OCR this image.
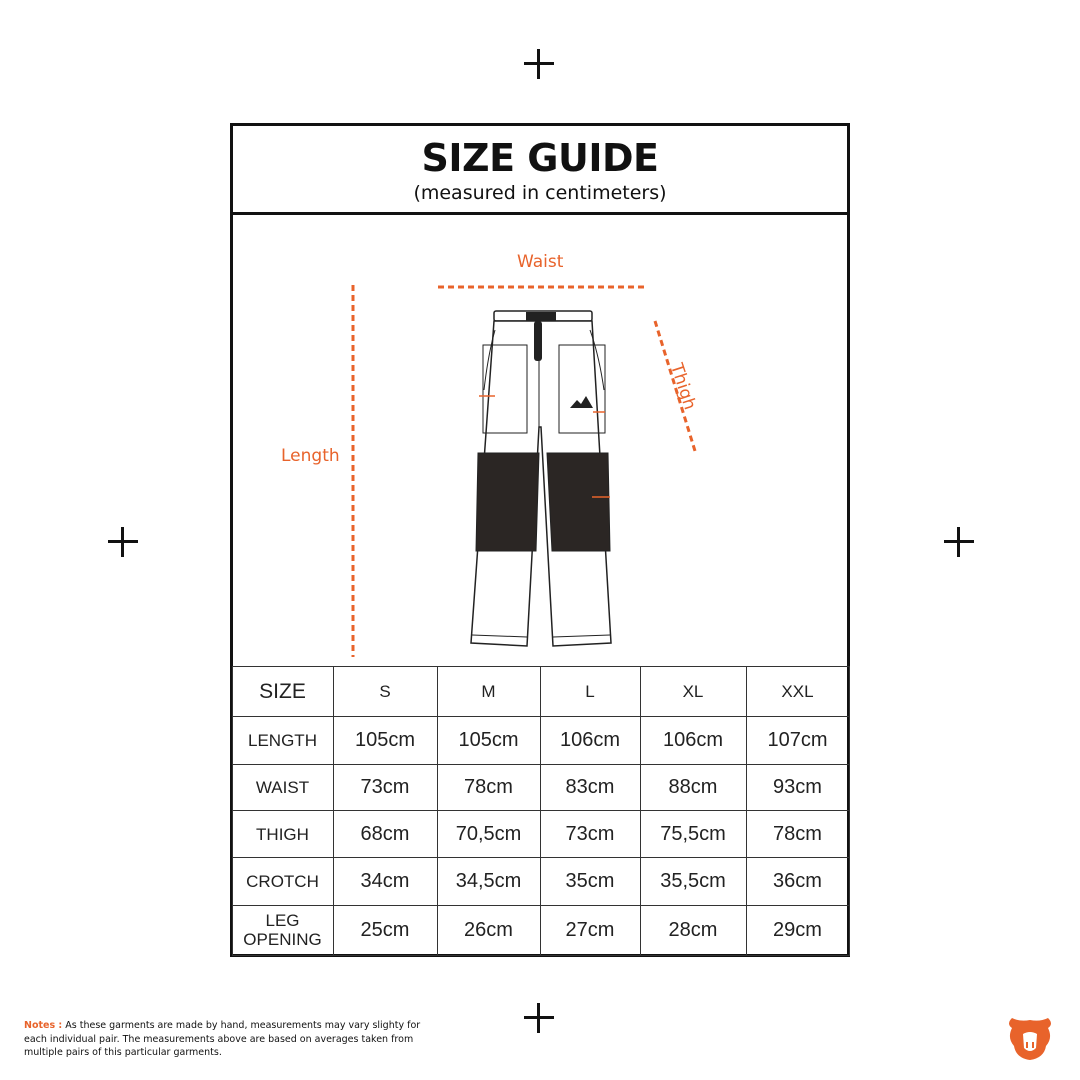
SIZE GUIDE
(measured in centimeters)
Waist
Length
Thigh
SIZE	S	M	L	XL	XXL
LENGTH	105cm	105cm	106cm	106cm	107cm
WAIST	73cm	78cm	83cm	88cm	93cm
THIGH	68cm	70,5cm	73cm	75,5cm	78cm
CROTCH	34cm	34,5cm	35cm	35,5cm	36cm
LEG
OPENING	25cm	26cm	27cm	28cm	29cm
Notes : As these garments are made by hand, measurements may vary slighty for each individual pair. The measurements above are based on averages taken from multiple pairs of this particular garments.
